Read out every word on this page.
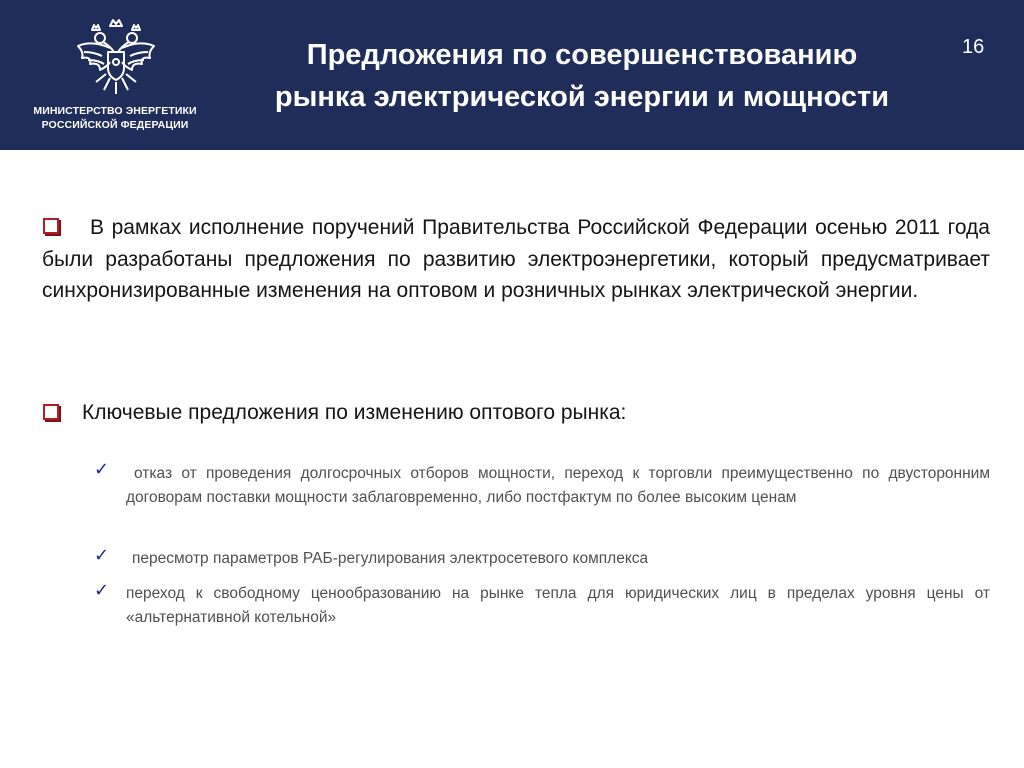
МИНИСТЕРСТВО ЭНЕРГЕТИКИ
РОССИЙСКОЙ ФЕДЕРАЦИИ
Предложения по совершенствованию
рынка электрической энергии и мощности
16
В рамках исполнение поручений Правительства Российской Федерации осенью 2011 года были разработаны предложения по развитию электроэнергетики, который предусматривает синхронизированные изменения на оптовом и розничных рынках электрической энергии.
Ключевые предложения по изменению оптового рынка:
✓	отказ от проведения долгосрочных отборов мощности, переход к торговли преимущественно по двусторонним договорам поставки мощности заблаговременно, либо постфактум по более высоким ценам
✓	пересмотр параметров РАБ-регулирования электросетевого комплекса
✓ переход к свободному ценообразованию на рынке тепла для юридических лиц в пределах уровня цены от «альтернативной котельной»
